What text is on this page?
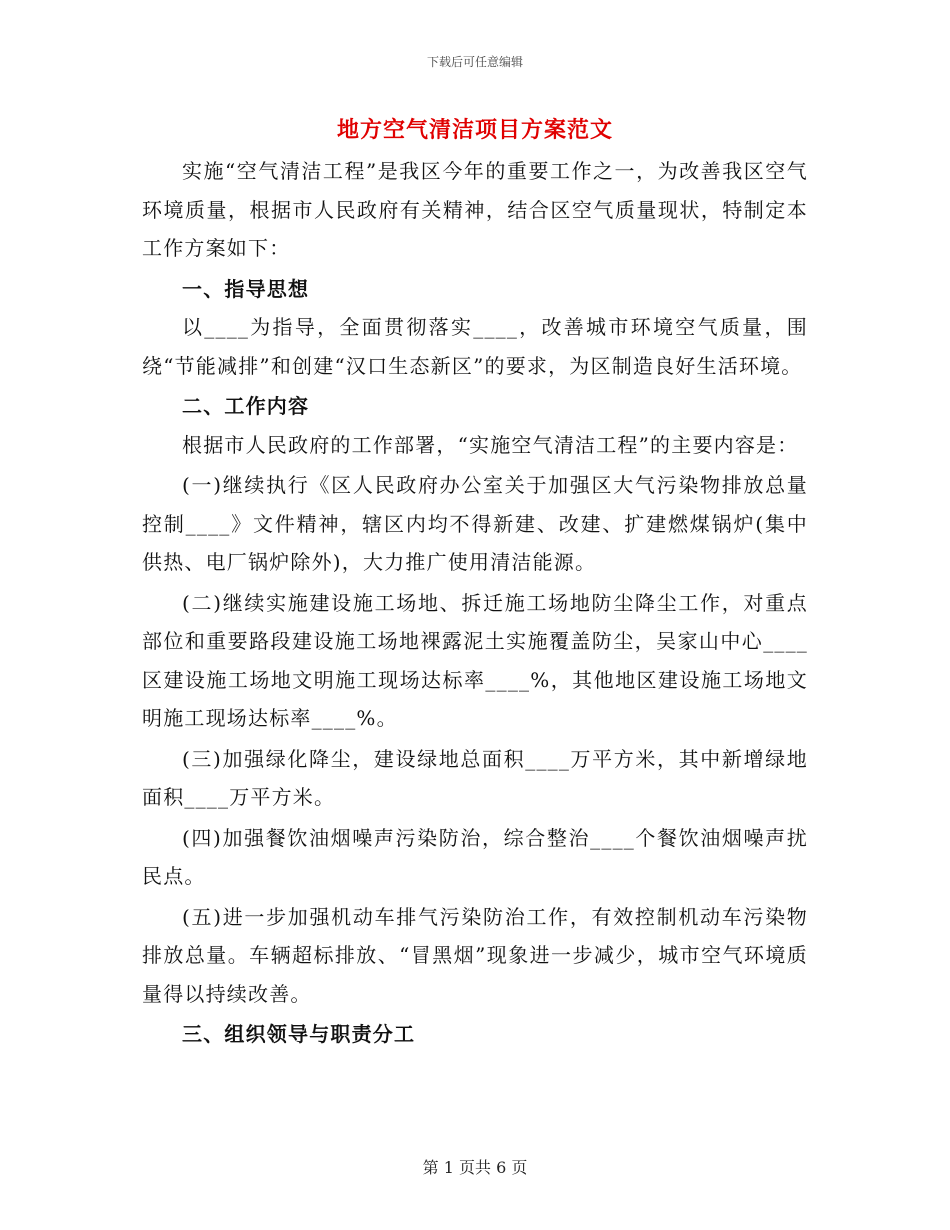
下载后可任意编辑
地方空气清洁项目方案范文

实施“空气清洁工程”是我区今年的重要工作之一，为改善我区空气环境质量，根据市人民政府有关精神，结合区空气质量现状，特制定本工作方案如下：

一、指导思想

以____为指导，全面贯彻落实____，改善城市环境空气质量，围绕“节能减排”和创建“汉口生态新区”的要求，为区制造良好生活环境。

二、工作内容

根据市人民政府的工作部署，“实施空气清洁工程”的主要内容是：

(一)继续执行《区人民政府办公室关于加强区大气污染物排放总量控制____》文件精神，辖区内均不得新建、改建、扩建燃煤锅炉(集中供热、电厂锅炉除外)，大力推广使用清洁能源。

(二)继续实施建设施工场地、拆迁施工场地防尘降尘工作，对重点部位和重要路段建设施工场地裸露泥土实施覆盖防尘，吴家山中心____区建设施工场地文明施工现场达标率____%，其他地区建设施工场地文明施工现场达标率____%。

(三)加强绿化降尘，建设绿地总面积____万平方米，其中新增绿地面积____万平方米。

(四)加强餐饮油烟噪声污染防治，综合整治____个餐饮油烟噪声扰民点。

(五)进一步加强机动车排气污染防治工作，有效控制机动车污染物排放总量。车辆超标排放、“冒黑烟”现象进一步减少，城市空气环境质量得以持续改善。

三、组织领导与职责分工

第 1 页共 6 页
